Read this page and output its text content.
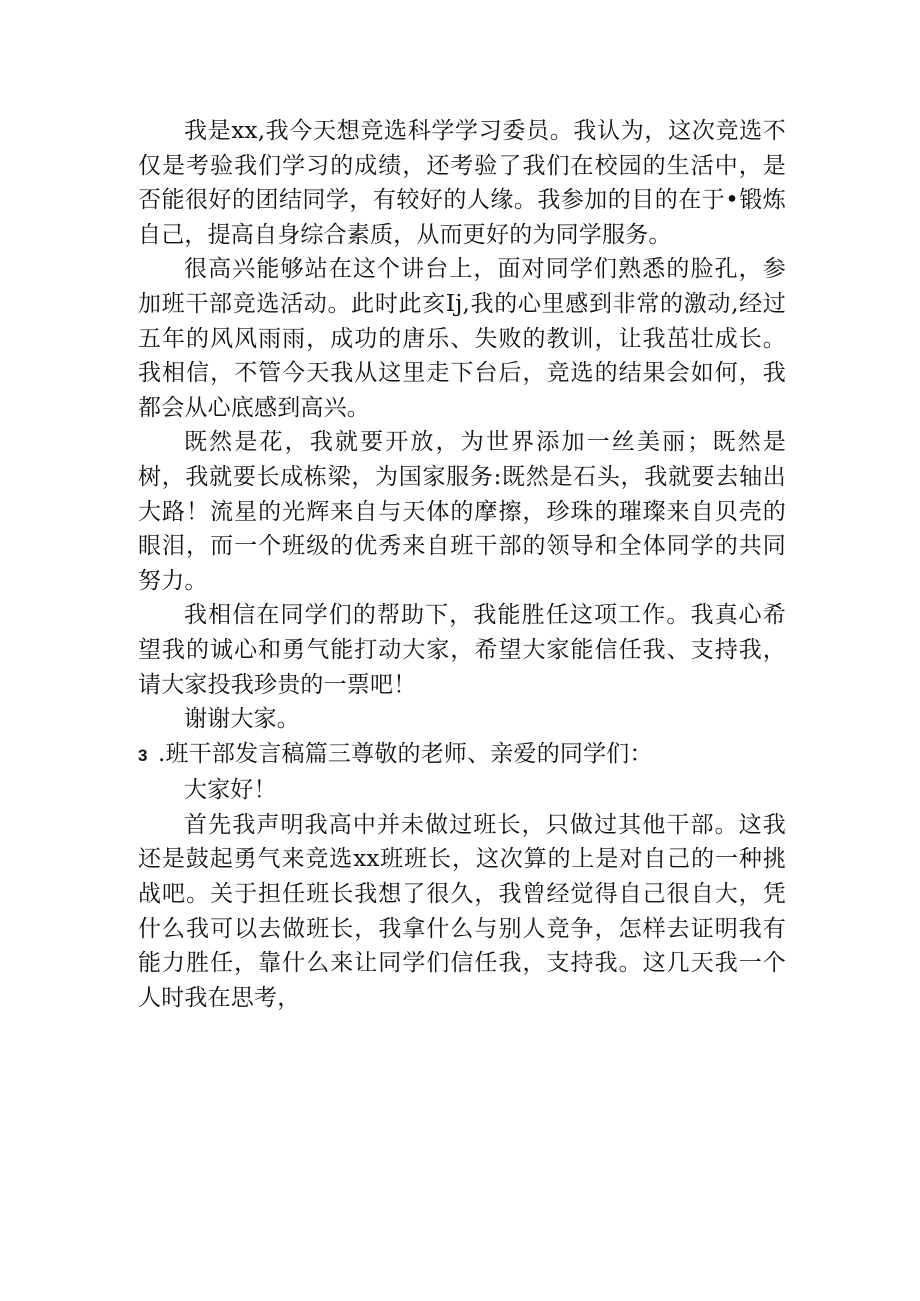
我是xx,我今天想竞选科学学习委员。我认为，这次竞选不仅是考验我们学习的成绩，还考验了我们在校园的生活中，是否能很好的团结同学，有较好的人缘。我参加的目的在于•锻炼自己，提高自身综合素质，从而更好的为同学服务。

很高兴能够站在这个讲台上，面对同学们熟悉的脸孔，参加班干部竞选活动。此时此亥Ij,我的心里感到非常的激动,经过五年的风风雨雨，成功的唐乐、失败的教训，让我茁壮成长。我相信，不管今天我从这里走下台后，竞选的结果会如何，我都会从心底感到高兴。

既然是花，我就要开放，为世界添加一丝美丽；既然是树，我就要长成栋梁，为国家服务:既然是石头，我就要去轴出大路！流星的光辉来自与天体的摩擦，珍珠的璀璨来自贝壳的眼泪，而一个班级的优秀来自班干部的领导和全体同学的共同努力。

我相信在同学们的帮助下，我能胜任这项工作。我真心希望我的诚心和勇气能打动大家，希望大家能信任我、支持我，请大家投我珍贵的一票吧！

谢谢大家。

3 .班干部发言稿篇三尊敬的老师、亲爱的同学们：

大家好！

首先我声明我高中并未做过班长，只做过其他干部。这我还是鼓起勇气来竞选xx班班长，这次算的上是对自己的一种挑战吧。关于担任班长我想了很久，我曾经觉得自己很自大，凭什么我可以去做班长，我拿什么与别人竞争，怎样去证明我有能力胜任，靠什么来让同学们信任我，支持我。这几天我一个人时我在思考，
